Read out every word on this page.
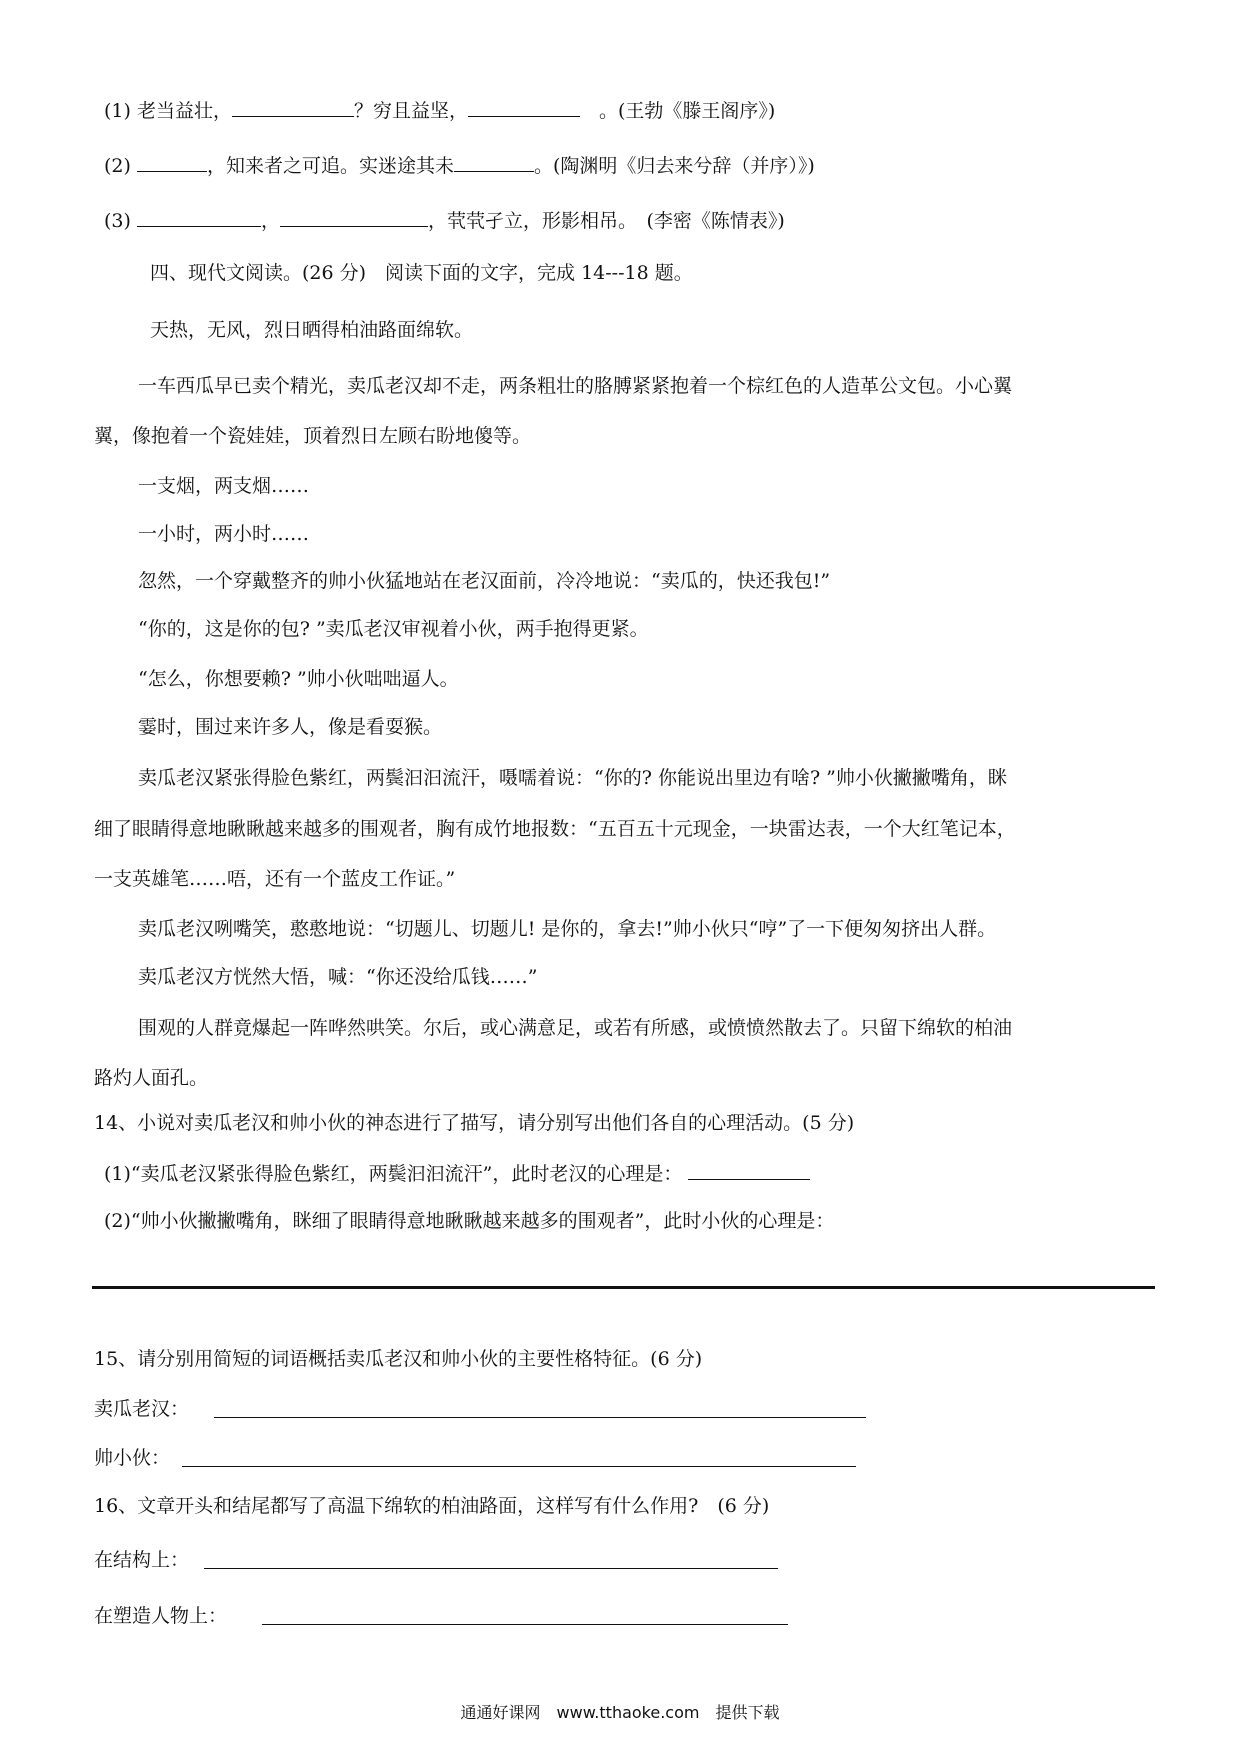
(1) 老当益壮，	？穷且益坚，　	。(王勃《滕王阁序》)
(2)	，知来者之可追。实迷途其未	。(陶渊明《归去来兮辞（并序）》)
(3)	，	，茕茕孑立，形影相吊。　(李密《陈情表》)
四、现代文阅读。(26 分)　阅读下面的文字，完成 14---18 题。
天热，无风，烈日晒得柏油路面绵软。
一车西瓜早已卖个精光，卖瓜老汉却不走，两条粗壮的胳膊紧紧抱着一个棕红色的人造革公文包。小心翼
翼，像抱着一个瓷娃娃，顶着烈日左顾右盼地傻等。
一支烟，两支烟……
一小时，两小时……
忽然，一个穿戴整齐的帅小伙猛地站在老汉面前，冷冷地说：“卖瓜的，快还我包!”
“你的，这是你的包? ”卖瓜老汉审视着小伙，两手抱得更紧。
“怎么，你想要赖? ”帅小伙咄咄逼人。
霎时，围过来许多人，像是看耍猴。
卖瓜老汉紧张得脸色紫红，两鬓汩汩流汗，嗫嚅着说：“你的? 你能说出里边有啥? ”帅小伙撇撇嘴角，眯
细了眼睛得意地瞅瞅越来越多的围观者，胸有成竹地报数：“五百五十元现金，一块雷达表，一个大红笔记本，
一支英雄笔……唔，还有一个蓝皮工作证。”
卖瓜老汉咧嘴笑，憨憨地说：“切题儿、切题儿! 是你的，拿去!”帅小伙只“哼”了一下便匆匆挤出人群。
卖瓜老汉方恍然大悟，喊：“你还没给瓜钱……”
围观的人群竟爆起一阵哗然哄笑。尔后，或心满意足，或若有所感，或愤愤然散去了。只留下绵软的柏油
路灼人面孔。
14、小说对卖瓜老汉和帅小伙的神态进行了描写，请分别写出他们各自的心理活动。(5 分)
(1)“卖瓜老汉紧张得脸色紫红，两鬓汩汩流汗”，此时老汉的心理是：
(2)“帅小伙撇撇嘴角，眯细了眼睛得意地瞅瞅越来越多的围观者”，此时小伙的心理是：
15、请分别用简短的词语概括卖瓜老汉和帅小伙的主要性格特征。(6 分)
卖瓜老汉：
帅小伙：
16、文章开头和结尾都写了高温下绵软的柏油路面，这样写有什么作用?　(6 分)
在结构上：
在塑造人物上：
通通好课网　www.tthaoke.com　提供下载
